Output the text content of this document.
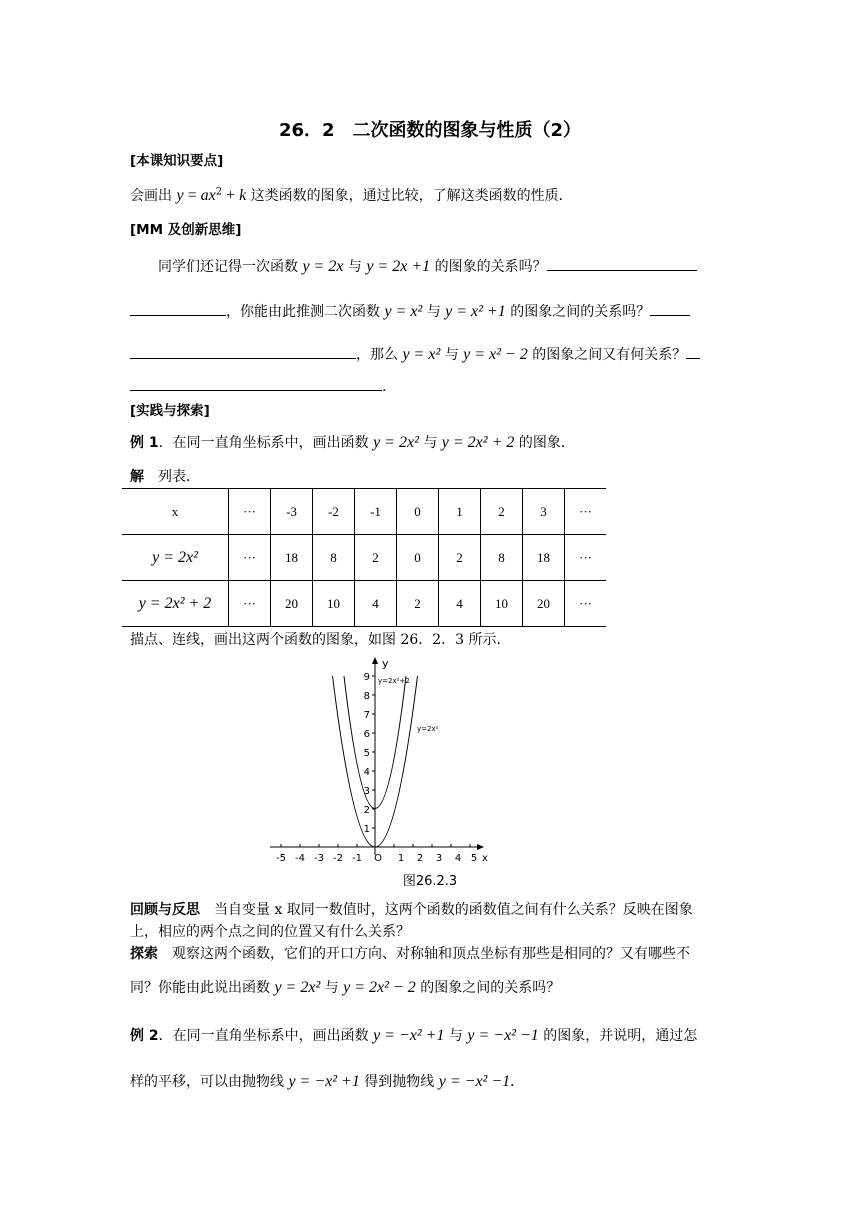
26．2　二次函数的图象与性质（2）
[本课知识要点]
会画出 $y = ax^2 + k$ 这类函数的图象，通过比较，了解这类函数的性质．
[MM 及创新思维]
同学们还记得一次函数 y = 2x 与 y = 2x +1 的图象的关系吗？
，你能由此推测二次函数 y = x² 与 y = x² +1 的图象之间的关系吗？
，那么 y = x² 与 y = x² − 2 的图象之间又有何关系？
.
[实践与探索]
例 1．在同一直角坐标系中，画出函数 y = 2x² 与 y = 2x² + 2 的图象．
解　列表．
x	···	-3	-2	-1	0	1	2	3	···
y = 2x²	···	18	8	2	0	2	8	18	···
y = 2x² + 2	···	20	10	4	2	4	10	20	···
描点、连线，画出这两个函数的图象，如图 26．2．3 所示．
-5 -4 -3 -2 -1	1 2 3 4 5 x
O
1
2
3
4
5
6
7
8
9
y
y=2x²+2
y=2x²
图26.2.3
回顾与反思　当自变量 x 取同一数值时，这两个函数的函数值之间有什么关系？反映在图象
上，相应的两个点之间的位置又有什么关系？
探索　观察这两个函数，它们的开口方向、对称轴和顶点坐标有那些是相同的？又有哪些不
同？你能由此说出函数 y = 2x² 与 y = 2x² − 2 的图象之间的关系吗？
例 2．在同一直角坐标系中，画出函数 y = −x² +1 与 y = −x² −1 的图象，并说明，通过怎
样的平移，可以由抛物线 y = −x² +1 得到抛物线 y = −x² −1．
